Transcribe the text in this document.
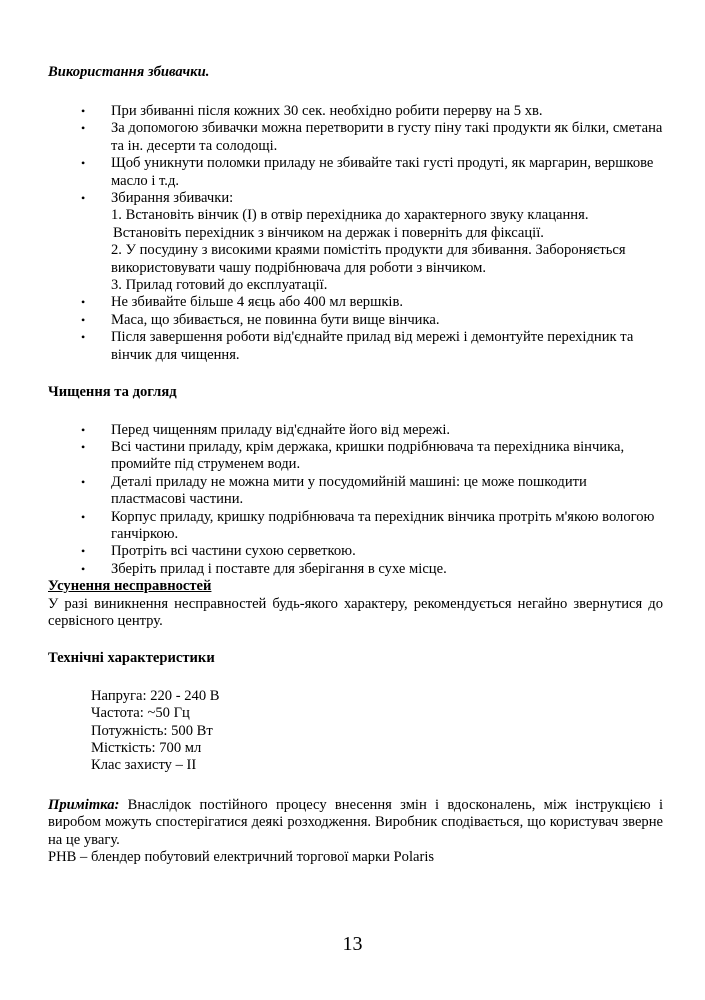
Використання збивачки.

• При збиванні після кожних 30 сек. необхідно робити перерву на 5 хв.
• За допомогою збивачки можна перетворити в густу піну такі продукти як білки, сметана та ін. десерти та солодощі.
• Щоб уникнути поломки приладу не збивайте такі густі продуті, як маргарин, вершкове масло і т.д.
• Збирання збивачки:
1. Встановіть вінчик (I) в отвір перехідника до характерного звуку клацання.
Встановіть перехідник з вінчиком на держак і поверніть для фіксації.
2. У посудину з високими краями помістіть продукти для збивання. Забороняється використовувати чашу подрібнювача для роботи з вінчиком.
3. Прилад готовий до експлуатації.
• Не збивайте більше 4 яєць або 400 мл вершків.
• Маса, що збивається, не повинна бути вище вінчика.
• Після завершення роботи від'єднайте прилад від мережі і демонтуйте перехідник та вінчик для чищення.

Чищення та догляд

• Перед чищенням приладу від'єднайте його від мережі.
• Всі частини приладу, крім держака, кришки подрібнювача та перехідника вінчика, промийте під струменем води.
• Деталі приладу не можна мити у посудомийній машині: це може пошкодити пластмасові частини.
• Корпус приладу, кришку подрібнювача та перехідник вінчика протріть м'якою вологою ганчіркою.
• Протріть всі частини сухою серветкою.
• Зберіть прилад і поставте для зберігання в сухе місце.

Усунення несправностей

У разі виникнення несправностей будь-якого характеру, рекомендується негайно звернутися до сервісного центру.

Технічні характеристики

Напруга: 220 - 240 В
Частота: ~50 Гц
Потужність: 500 Вт
Місткість: 700 мл
Клас захисту – II

Примітка: Внаслідок постійного процесу внесення змін і вдосконалень, між інструкцією і виробом можуть спостерігатися деякі розходження. Виробник сподівається, що користувач зверне на це увагу.

PHB – блендер побутовий електричний торгової марки Polaris

13
